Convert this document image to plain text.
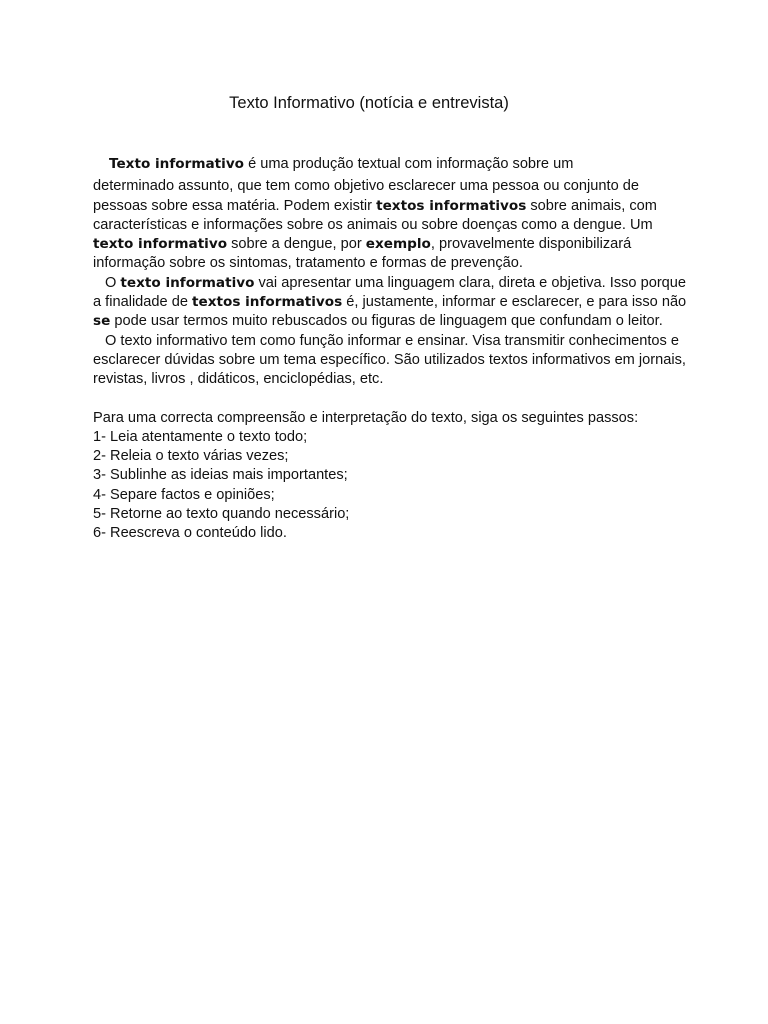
Texto Informativo (notícia e entrevista)

Texto informativo é uma produção textual com informação sobre um
determinado assunto, que tem como objetivo esclarecer uma pessoa ou conjunto de pessoas sobre essa matéria. Podem existir textos informativos sobre animais, com características e informações sobre os animais ou sobre doenças como a dengue. Um texto informativo sobre a dengue, por exemplo, provavelmente disponibilizará informação sobre os sintomas, tratamento e formas de prevenção.

O texto informativo vai apresentar uma linguagem clara, direta e objetiva. Isso porque a finalidade de textos informativos é, justamente, informar e esclarecer, e para isso não se pode usar termos muito rebuscados ou figuras de linguagem que confundam o leitor.

O texto informativo tem como função informar e ensinar. Visa transmitir conhecimentos e esclarecer dúvidas sobre um tema específico. São utilizados textos informativos em jornais, revistas, livros , didáticos, enciclopédias, etc.

Para uma correcta compreensão e interpretação do texto, siga os seguintes passos:

1- Leia atentamente o texto todo;
2- Releia o texto várias vezes;
3- Sublinhe as ideias mais importantes;
4- Separe factos e opiniões;
5- Retorne ao texto quando necessário;
6- Reescreva o conteúdo lido.
